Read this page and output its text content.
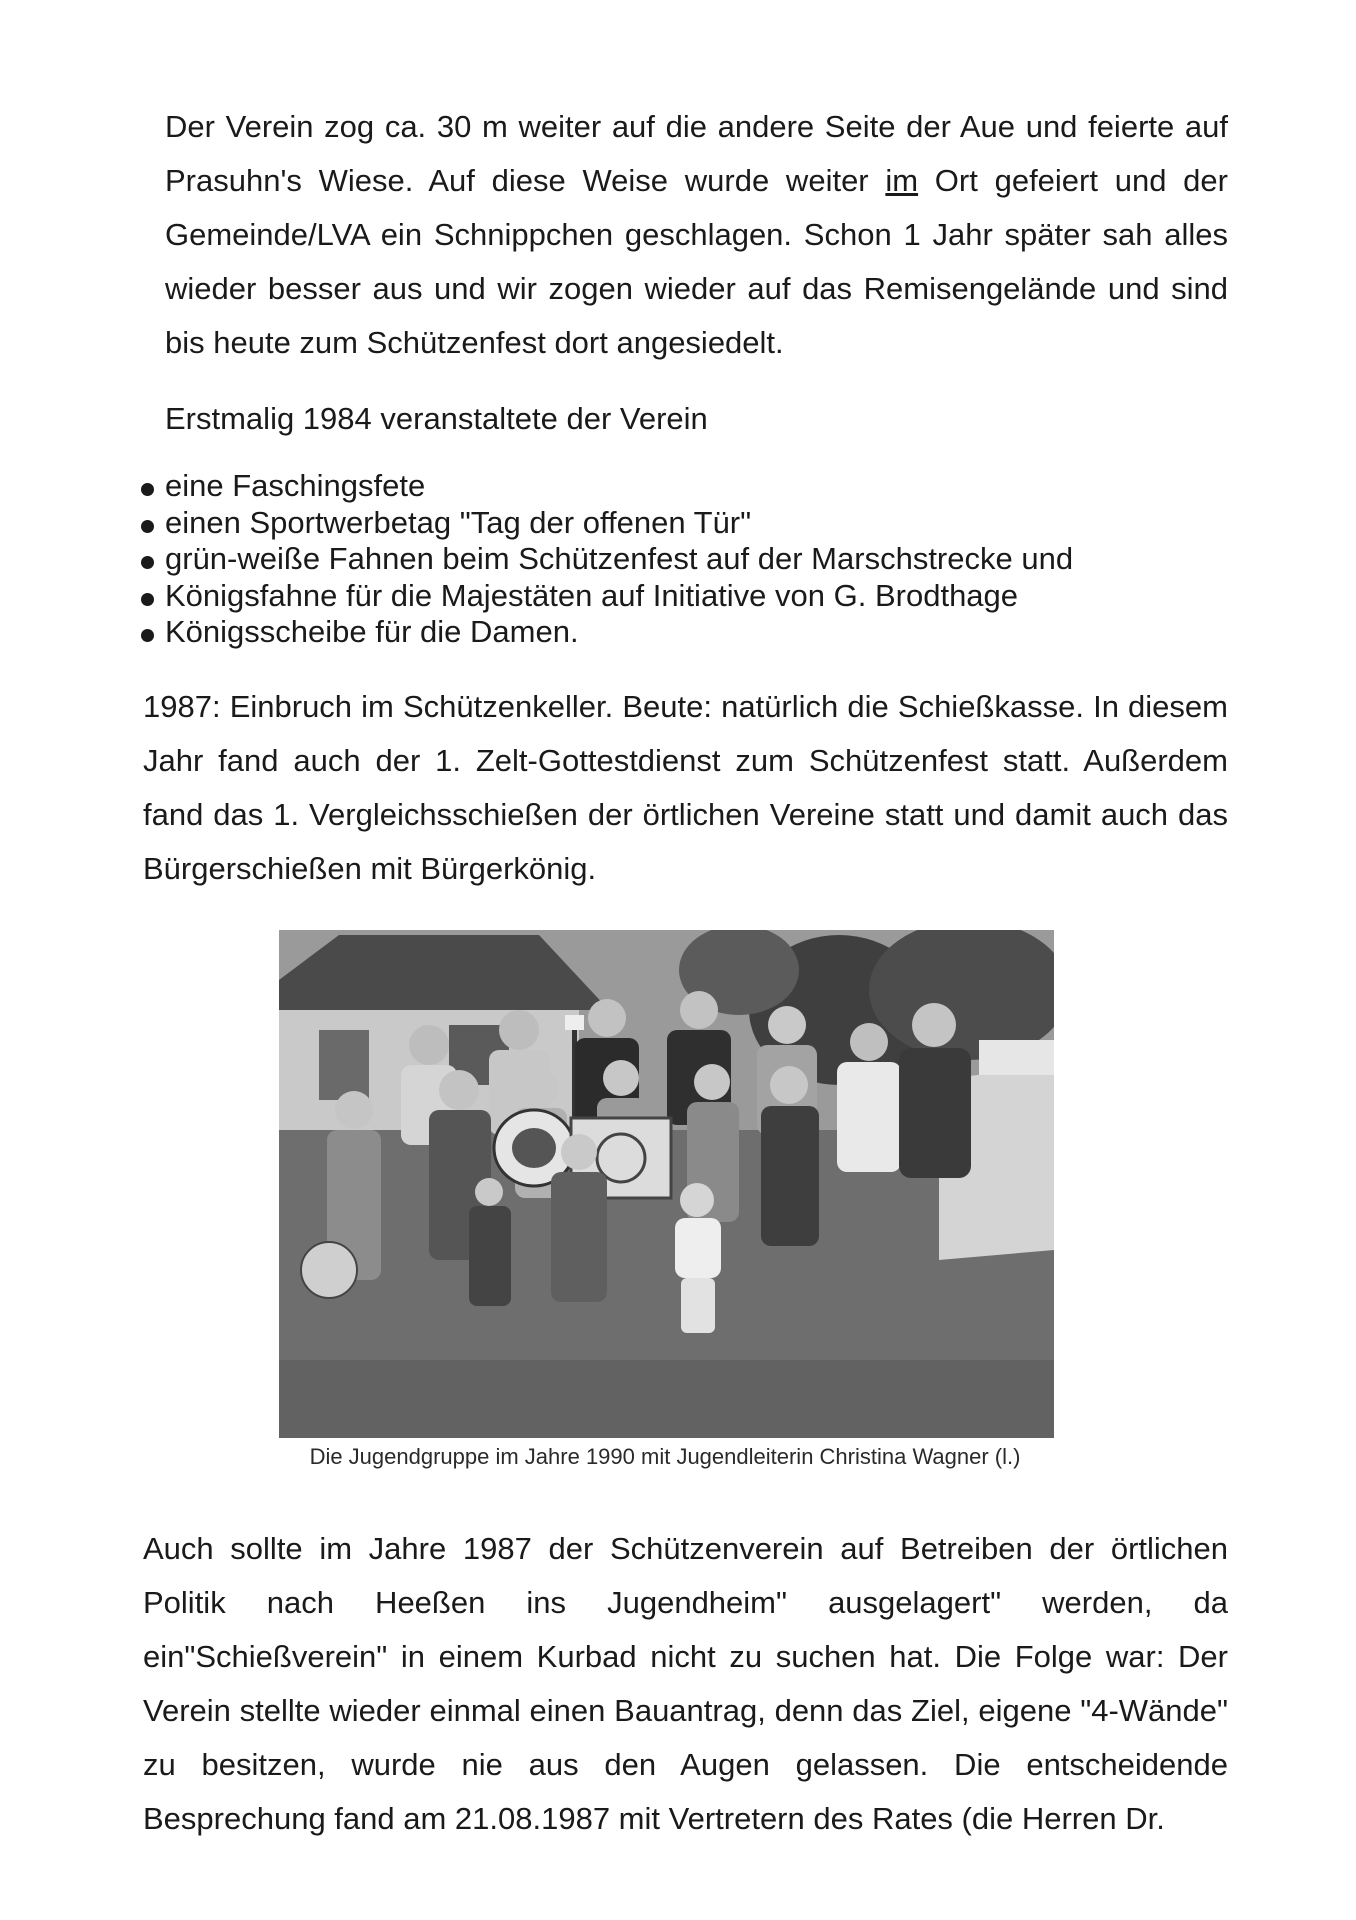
Der Verein zog ca. 30 m weiter auf die andere Seite der Aue und feierte auf Prasuhn's Wiese. Auf diese Weise wurde weiter im Ort gefeiert und der Gemeinde/LVA ein Schnippchen geschlagen. Schon 1 Jahr später sah alles wieder besser aus und wir zogen wieder auf das Remisengelände und sind bis heute zum Schützenfest dort angesiedelt.

Erstmalig 1984 veranstaltete der Verein

eine Faschingsfete
einen Sportwerbetag "Tag der offenen Tür"
grün-weiße Fahnen beim Schützenfest auf der Marschstrecke und
Königsfahne für die Majestäten auf Initiative von G. Brodthage
Königsscheibe für die Damen.

1987: Einbruch im Schützenkeller. Beute: natürlich die Schießkasse. In diesem Jahr fand auch der 1. Zelt-Gottestdienst zum Schützenfest statt. Außerdem fand das 1. Vergleichsschießen der örtlichen Vereine statt und damit auch das Bürgerschießen mit Bürgerkönig.

Die Jugendgruppe im Jahre 1990 mit Jugendleiterin Christina Wagner (l.)

Auch sollte im Jahre 1987 der Schützenverein auf Betreiben der örtlichen Politik nach Heeßen ins Jugendheim" ausgelagert" werden, da ein"Schießverein" in einem Kurbad nicht zu suchen hat. Die Folge war: Der Verein stellte wieder einmal einen Bauantrag, denn das Ziel, eigene "4-Wände" zu besitzen, wurde nie aus den Augen gelassen. Die entscheidende Besprechung fand am 21.08.1987 mit Vertretern des Rates (die Herren Dr.
